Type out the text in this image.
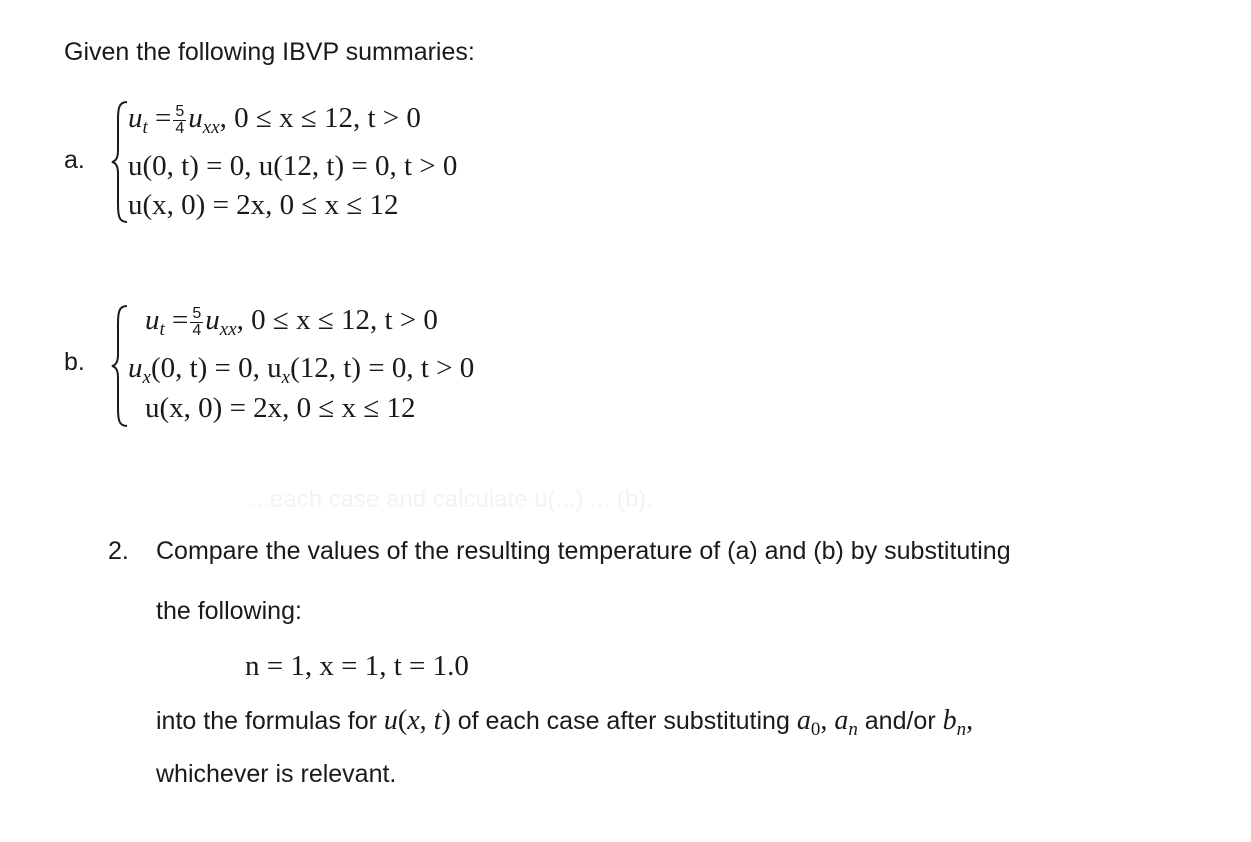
Given the following IBVP summaries:
a.
$u_t = \frac{5}{4} u_{xx}$, 0 ≤ x ≤ 12, t > 0
u(0, t) = 0, u(12, t) = 0, t > 0
u(x, 0) = 2x, 0 ≤ x ≤ 12
b.
$u_t = \frac{5}{4} u_{xx}$, 0 ≤ x ≤ 12, t > 0
$u_x(0$, t) = 0, $u_x(12$, t) = 0, t > 0
u(x, 0) = 2x, 0 ≤ x ≤ 12
...each case and calculate u(...) ... (b).
2. Compare the values of the resulting temperature of (a) and (b) by substituting
the following:
n = 1, x = 1, t = 1.0
into the formulas for u(x, t) of each case after substituting $a_0$, $a_n$ and/or $b_n$,
whichever is relevant.
